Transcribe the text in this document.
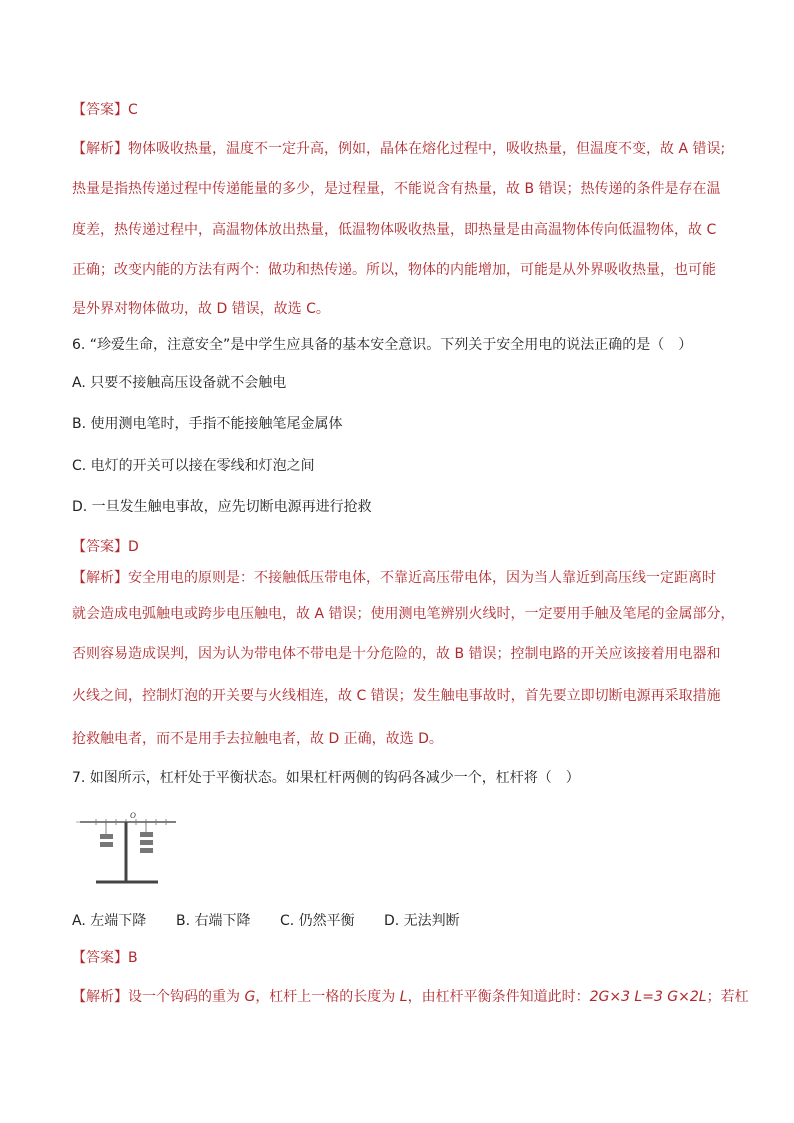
【答案】C
【解析】物体吸收热量，温度不一定升高，例如，晶体在熔化过程中，吸收热量，但温度不变，故 A 错误;
热量是指热传递过程中传递能量的多少，是过程量，不能说含有热量，故 B 错误；热传递的条件是存在温
度差，热传递过程中，高温物体放出热量，低温物体吸收热量，即热量是由高温物体传向低温物体，故 C
正确；改变内能的方法有两个：做功和热传递。所以，物体的内能增加，可能是从外界吸收热量，也可能
是外界对物体做功，故 D 错误，故选 C。
6. “珍爱生命，注意安全”是中学生应具备的基本安全意识。下列关于安全用电的说法正确的是（　）
A. 只要不接触高压设备就不会触电
B. 使用测电笔时，手指不能接触笔尾金属体
C. 电灯的开关可以接在零线和灯泡之间
D. 一旦发生触电事故，应先切断电源再进行抢救
【答案】D
【解析】安全用电的原则是：不接触低压带电体，不靠近高压带电体，因为当人靠近到高压线一定距离时
就会造成电弧触电或跨步电压触电，故 A 错误；使用测电笔辨别火线时，一定要用手触及笔尾的金属部分，
否则容易造成误判，因为认为带电体不带电是十分危险的，故 B 错误；控制电路的开关应该接着用电器和
火线之间，控制灯泡的开关要与火线相连，故 C 错误；发生触电事故时，首先要立即切断电源再采取措施
抢救触电者，而不是用手去拉触电者，故 D 正确，故选 D。
7. 如图所示，杠杆处于平衡状态。如果杠杆两侧的钩码各减少一个，杠杆将（　）
O
A. 左端下降 B. 右端下降 C. 仍然平衡 D. 无法判断
【答案】B
【解析】设一个钩码的重为 G，杠杆上一格的长度为 L，由杠杆平衡条件知道此时：2G×3 L=3 G×2L；若杠
